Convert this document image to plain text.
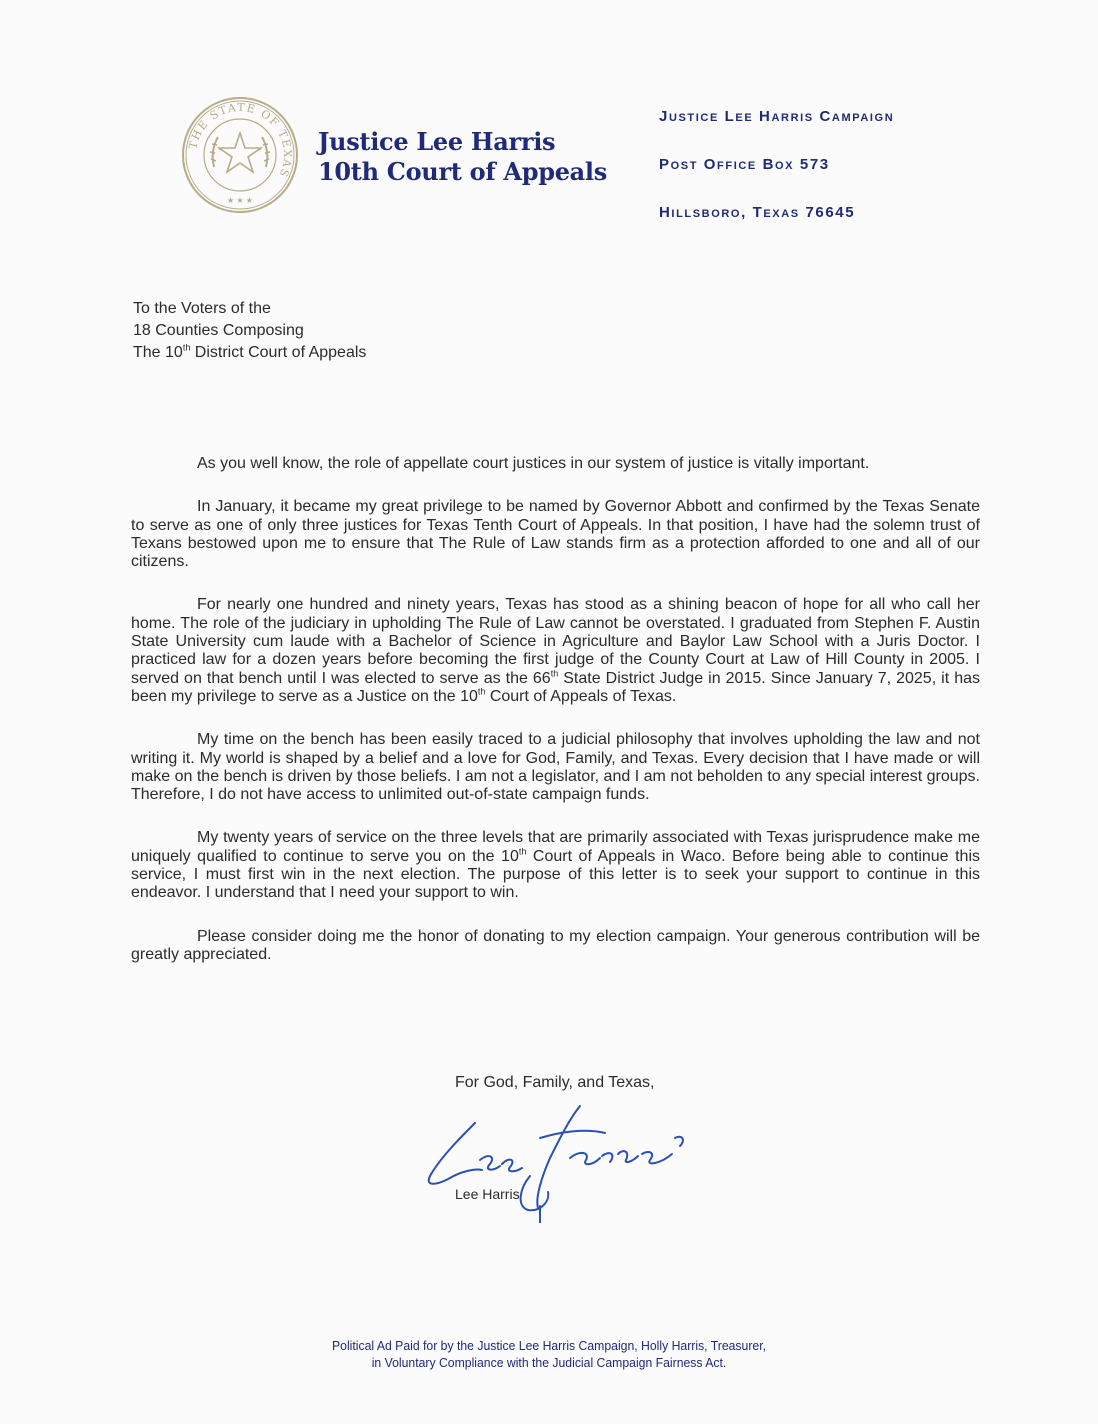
THE STATE OF TEXAS
★ ★ ★
Justice Lee Harris
10th Court of Appeals
Justice Lee Harris Campaign
Post Office Box 573
Hillsboro, Texas 76645
To the Voters of the
18 Counties Composing
The 10th District Court of Appeals

As you well know, the role of appellate court justices in our system of justice is vitally important.

In January, it became my great privilege to be named by Governor Abbott and confirmed by the Texas Senate to serve as one of only three justices for Texas Tenth Court of Appeals. In that position, I have had the solemn trust of Texans bestowed upon me to ensure that The Rule of Law stands firm as a protection afforded to one and all of our citizens.

For nearly one hundred and ninety years, Texas has stood as a shining beacon of hope for all who call her home. The role of the judiciary in upholding The Rule of Law cannot be overstated. I graduated from Stephen F. Austin State University cum laude with a Bachelor of Science in Agriculture and Baylor Law School with a Juris Doctor. I practiced law for a dozen years before becoming the first judge of the County Court at Law of Hill County in 2005. I served on that bench until I was elected to serve as the 66th State District Judge in 2015. Since January 7, 2025, it has been my privilege to serve as a Justice on the 10th Court of Appeals of Texas.

My time on the bench has been easily traced to a judicial philosophy that involves upholding the law and not writing it. My world is shaped by a belief and a love for God, Family, and Texas. Every decision that I have made or will make on the bench is driven by those beliefs. I am not a legislator, and I am not beholden to any special interest groups. Therefore, I do not have access to unlimited out-of-state campaign funds.

My twenty years of service on the three levels that are primarily associated with Texas jurisprudence make me uniquely qualified to continue to serve you on the 10th Court of Appeals in Waco. Before being able to continue this service, I must first win in the next election. The purpose of this letter is to seek your support to continue in this endeavor. I understand that I need your support to win.

Please consider doing me the honor of donating to my election campaign. Your generous contribution will be greatly appreciated.

For God, Family, and Texas,
Lee Harris
Political Ad Paid for by the Justice Lee Harris Campaign, Holly Harris, Treasurer,
in Voluntary Compliance with the Judicial Campaign Fairness Act.
